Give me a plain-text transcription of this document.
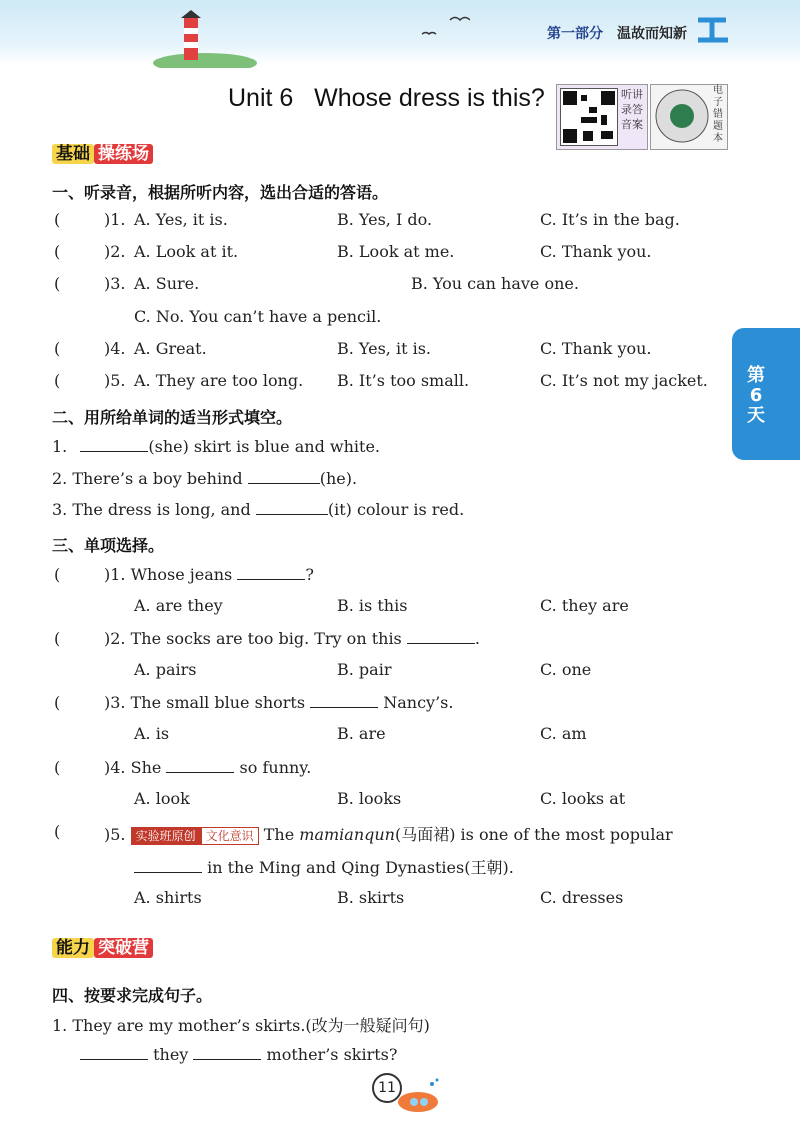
第一部分 温故而知新
Unit 6   Whose dress is this?	听讲录答音案
电子错题本
第6天
基础 操练场
一、听录音，根据所听内容，选出合适的答语。
(	)1. A. Yes, it is.	B. Yes, I do.	C. It’s in the bag.
(	)2. A. Look at it.	B. Look at me.	C. Thank you.
(	)3. A. Sure.	B. You can have one.
C. No. You can’t have a pencil.
(	)4. A. Great.	B. Yes, it is.	C. Thank you.
(	)5. A. They are too long. B. It’s too small.	C. It’s not my jacket.
二、用所给单词的适当形式填空。
1.	(she) skirt is blue and white.
2. There’s a boy behind	(he).
3. The dress is long, and	(it) colour is red.
三、单项选择。
(	)1. Whose jeans	?
A. are they	B. is this	C. they are
(	)2. The socks are too big. Try on this	.
A. pairs	B. pair	C. one
(	)3. The small blue shorts	Nancy’s.
A. is	B. are	C. am
(	)4. She	so funny.
A. look	B. looks	C. looks at
(	)5. 实验班原创 文化意识 The mamianqun(马面裙) is one of the most popular
in the Ming and Qing Dynasties(王朝).
A. shirts	B. skirts	C. dresses
能力 突破营
四、按要求完成句子。
1. They are my mother’s skirts.(改为一般疑问句)
they	mother’s skirts?
11
